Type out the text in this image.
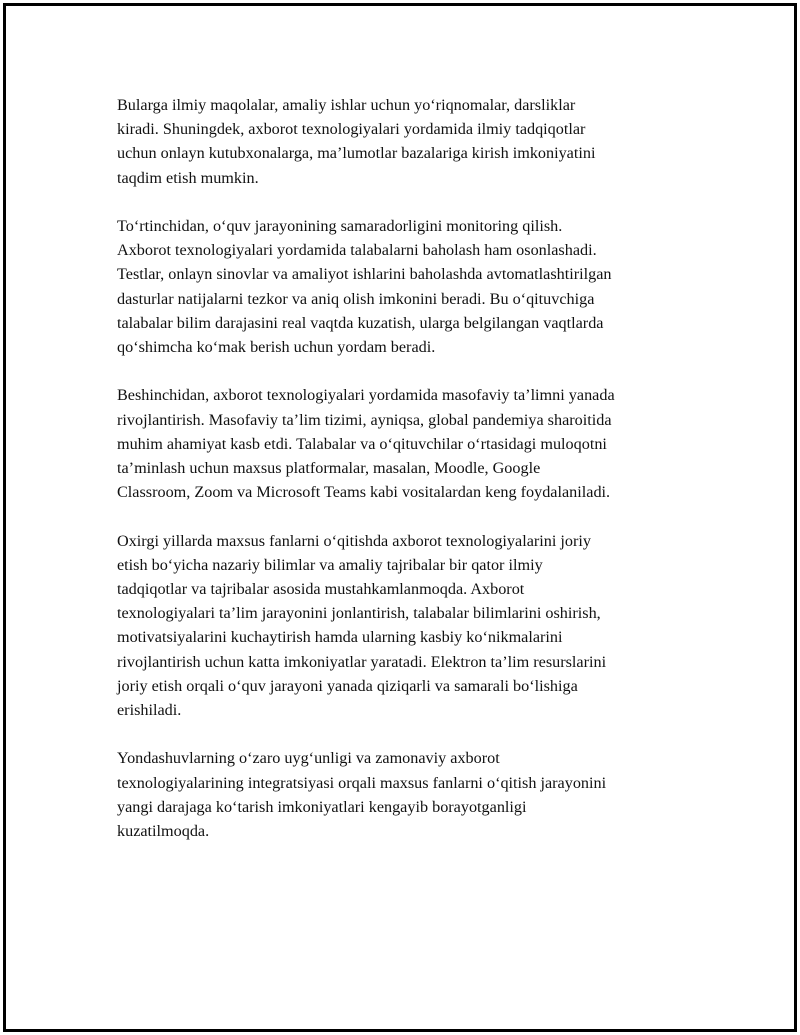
Bularga ilmiy maqolalar, amaliy ishlar uchun yo‘riqnomalar, darsliklar
kiradi. Shuningdek, axborot texnologiyalari yordamida ilmiy tadqiqotlar
uchun onlayn kutubxonalarga, ma’lumotlar bazalariga kirish imkoniyatini
taqdim etish mumkin.

To‘rtinchidan, o‘quv jarayonining samaradorligini monitoring qilish.
Axborot texnologiyalari yordamida talabalarni baholash ham osonlashadi.
Testlar, onlayn sinovlar va amaliyot ishlarini baholashda avtomatlashtirilgan
dasturlar natijalarni tezkor va aniq olish imkonini beradi. Bu o‘qituvchiga
talabalar bilim darajasini real vaqtda kuzatish, ularga belgilangan vaqtlarda
qo‘shimcha ko‘mak berish uchun yordam beradi.

Beshinchidan, axborot texnologiyalari yordamida masofaviy ta’limni yanada
rivojlantirish. Masofaviy ta’lim tizimi, ayniqsa, global pandemiya sharoitida
muhim ahamiyat kasb etdi. Talabalar va o‘qituvchilar o‘rtasidagi muloqotni
ta’minlash uchun maxsus platformalar, masalan, Moodle, Google
Classroom, Zoom va Microsoft Teams kabi vositalardan keng foydalaniladi.

Oxirgi yillarda maxsus fanlarni o‘qitishda axborot texnologiyalarini joriy
etish bo‘yicha nazariy bilimlar va amaliy tajribalar bir qator ilmiy
tadqiqotlar va tajribalar asosida mustahkamlanmoqda. Axborot
texnologiyalari ta’lim jarayonini jonlantirish, talabalar bilimlarini oshirish,
motivatsiyalarini kuchaytirish hamda ularning kasbiy ko‘nikmalarini
rivojlantirish uchun katta imkoniyatlar yaratadi. Elektron ta’lim resurslarini
joriy etish orqali o‘quv jarayoni yanada qiziqarli va samarali bo‘lishiga
erishiladi.

Yondashuvlarning o‘zaro uyg‘unligi va zamonaviy axborot
texnologiyalarining integratsiyasi orqali maxsus fanlarni o‘qitish jarayonini
yangi darajaga ko‘tarish imkoniyatlari kengayib borayotganligi
kuzatilmoqda.
